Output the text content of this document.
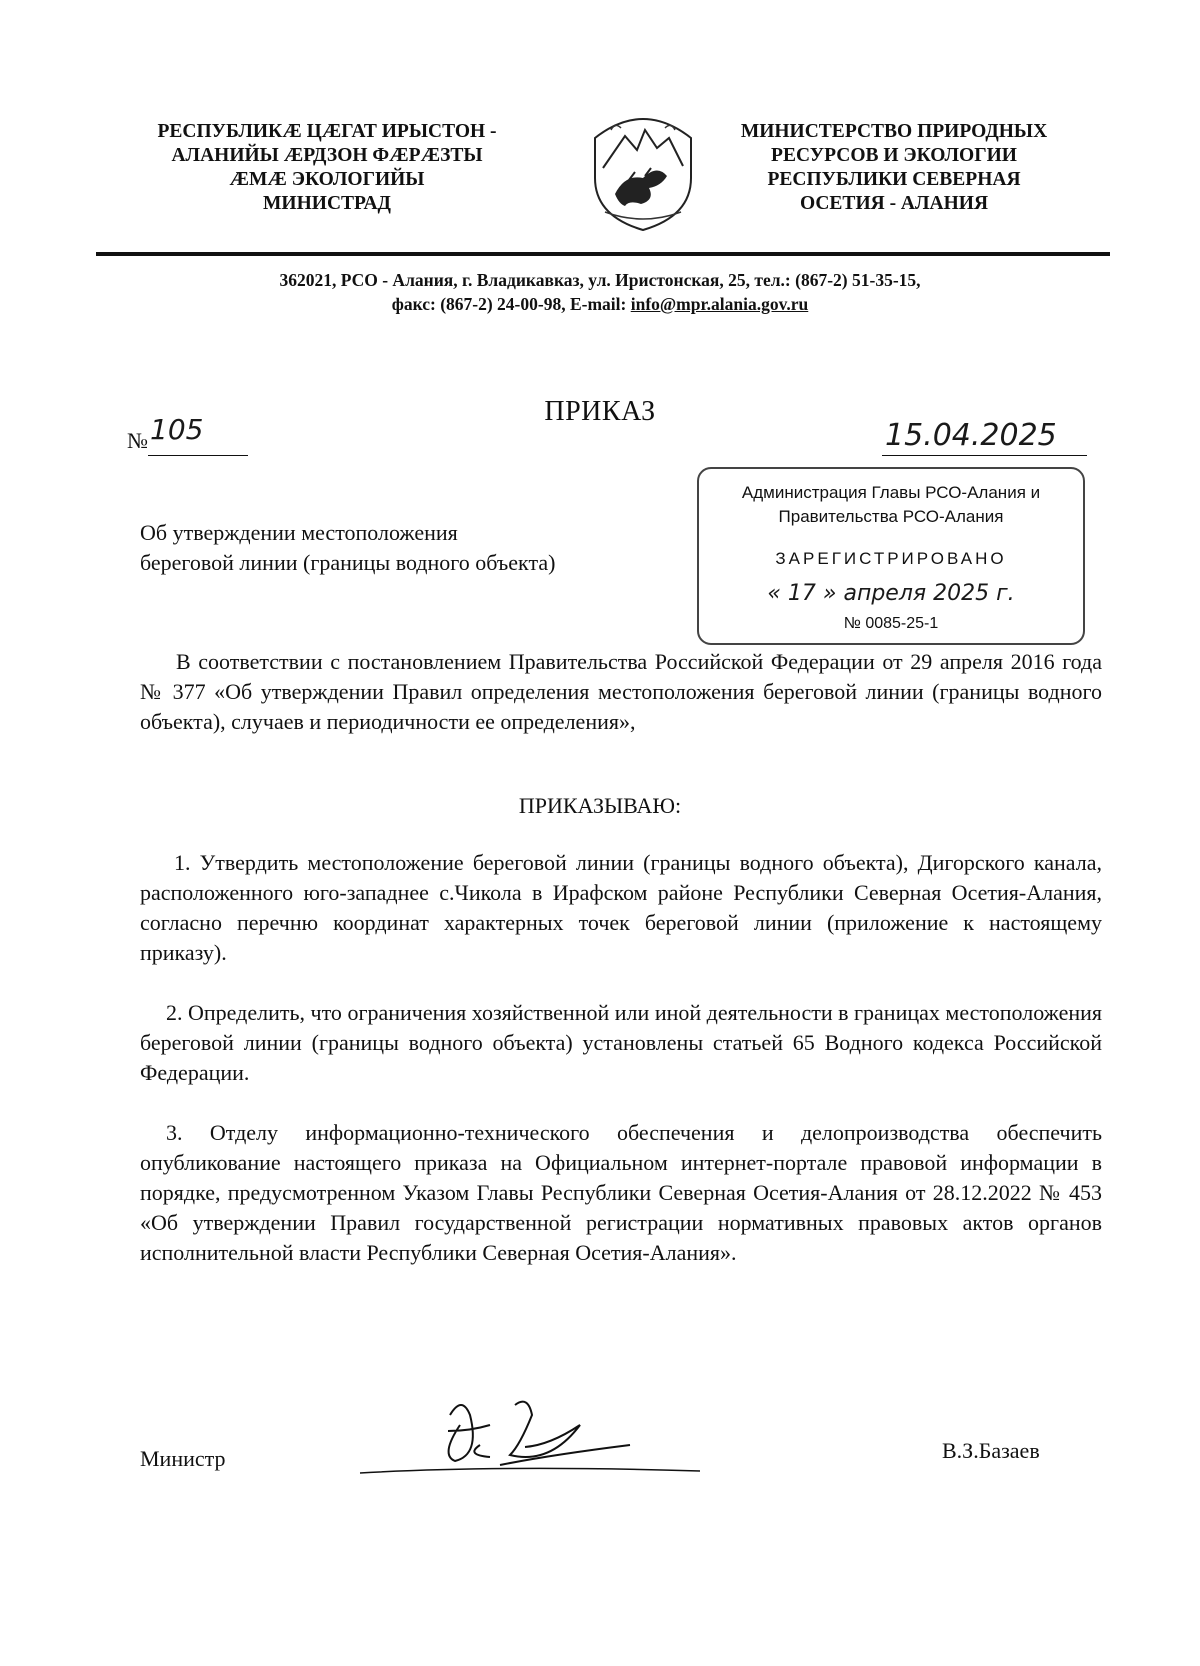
РЕСПУБЛИКÆ ЦÆГАТ ИРЫСТОН -
АЛАНИЙЫ ÆРДЗОН ФÆРÆЗТЫ
ÆМÆ ЭКОЛОГИЙЫ
МИНИСТРАД
МИНИСТЕРСТВО ПРИРОДНЫХ
РЕСУРСОВ И ЭКОЛОГИИ
РЕСПУБЛИКИ СЕВЕРНАЯ
ОСЕТИЯ - АЛАНИЯ
362021, РСО - Алания, г. Владикавказ, ул. Иристонская, 25, тел.: (867-2) 51-35-15,
факс: (867-2) 24-00-98, E-mail: info@mpr.alania.gov.ru
ПРИКАЗ
№ 105	15.04.2025
Администрация Главы РСО-Алания и
Правительства РСО-Алания
ЗАРЕГИСТРИРОВАНО
« 17 » апреля 2025 г.
№ 0085-25-1
Об утверждении местоположения
береговой линии (границы водного объекта)
В соответствии с постановлением Правительства Российской Федерации от 29 апреля 2016 года № 377 «Об утверждении Правил определения местоположения береговой линии (границы водного объекта), случаев и периодичности ее определения»,
ПРИКАЗЫВАЮ:
1. Утвердить местоположение береговой линии (границы водного объекта), Дигорского канала, расположенного юго-западнее с.Чикола в Ирафском районе Республики Северная Осетия-Алания, согласно перечню координат характерных точек береговой линии (приложение к настоящему приказу).
2. Определить, что ограничения хозяйственной или иной деятельности в границах местоположения береговой линии (границы водного объекта) установлены статьей 65 Водного кодекса Российской Федерации.
3. Отделу информационно-технического обеспечения и делопроизводства обеспечить опубликование настоящего приказа на Официальном интернет-портале правовой информации в порядке, предусмотренном Указом Главы Республики Северная Осетия-Алания от 28.12.2022 № 453 «Об утверждении Правил государственной регистрации нормативных правовых актов органов исполнительной власти Республики Северная Осетия-Алания».
Министр	В.З.Базаев
